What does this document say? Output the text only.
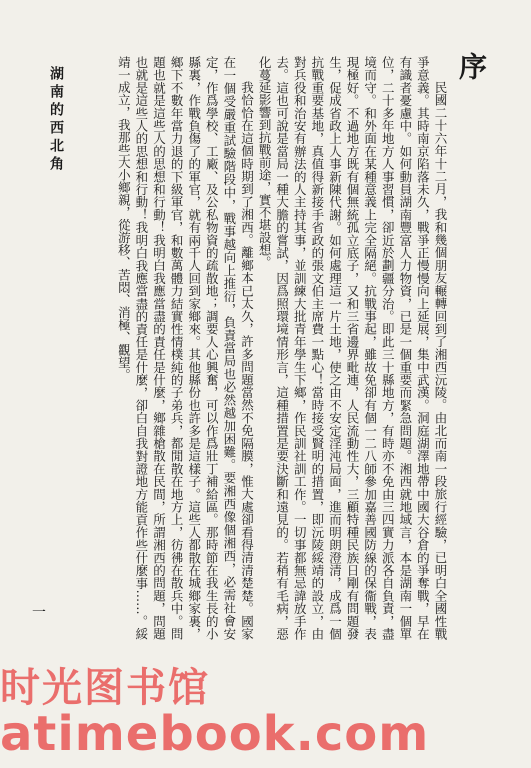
序

民國二十六年十二月，我和幾個朋友輾轉回到了湘西沅陵。由北而南一段旅行經驗，已明白全國性戰爭意義。其時南京陷落未久，戰爭正慢慢向上延展，集中武漢。洞庭湖澤地帶中國大谷倉的爭奪戰，早在有識者憂慮中。如何動員湖南豐富人力物資，已是一個重要而緊急問題。湘西就地域言，本是湖南一個單位，二十多年地方人事習慣，卻近於劃疆分治。即此三十縣地方，有時亦不免由三四實力派各自負責，盡境而守。和外面在某種意義上完全隔絕。抗戰事起，雖故免卻有個一二八師參加嘉善國防線的保衞戰，表現極好。不過地方既有個無統孤立底子，又和三省邊界毗連，人民流動性大，三顧特種民族日剛有問題發生，促成省政上人事新陳代謝。如何處理這一片土地，使之由不安定淫沌局面，進而明朗澄清，成爲一個抗戰重要基地，真值得新接手省政的張文伯主席費一點心！當時接受賢明的措置，即沅陵綏靖的設立，由對兵役和治安有辦法的人主持其事，並訓練大批青年學生下鄉，作民訓社訓工作。一切事都無忌諱放手作去。這也可說是當局一種大膽的嘗試，因爲照環境情形言，這種措置是要決斷和遠見的。若稍有毛病，惡化蔓延影響到抗戰前途，實不堪設想。

我恰恰在這個時期到了湘西。離鄉本已太久，許多問題當然不免隔膜，惟大處卻看得清清楚楚。國家在一個受嚴重試驗階段中，戰事越向上推衍，負責當局也必然越加困難。要湘西像個湘西，必需社會安定，作爲學校、工廠、及公私物資的疏散地；調要人心興奮，可以作爲壯丁補給區。那時節在我生長的小縣裏，作戰負傷了的軍官，就有兩千人回到家鄉來。其他縣份也許多是這樣子。這些人都散在城鄉家裏，鄉下不數年當力退的下級軍官，和數萬體力結實性情樸純的子弟兵，都閒散在地方上，彷彿在散兵中。問題也就是這些人的思想和行動！我明白我應當盡的責任是什麼，鄉雜槍散在民間，所謂湘西的問題，問題也就是這些人的思想和行動！我明白我應當盡的責任是什麼，卻白自我對證地方能貢作些什麼事……。綏靖一成立，我那些大小鄉親，從游移、苦悶、消極、觀望。

湖南的西北角
一
时光图书馆
atimebook.com
